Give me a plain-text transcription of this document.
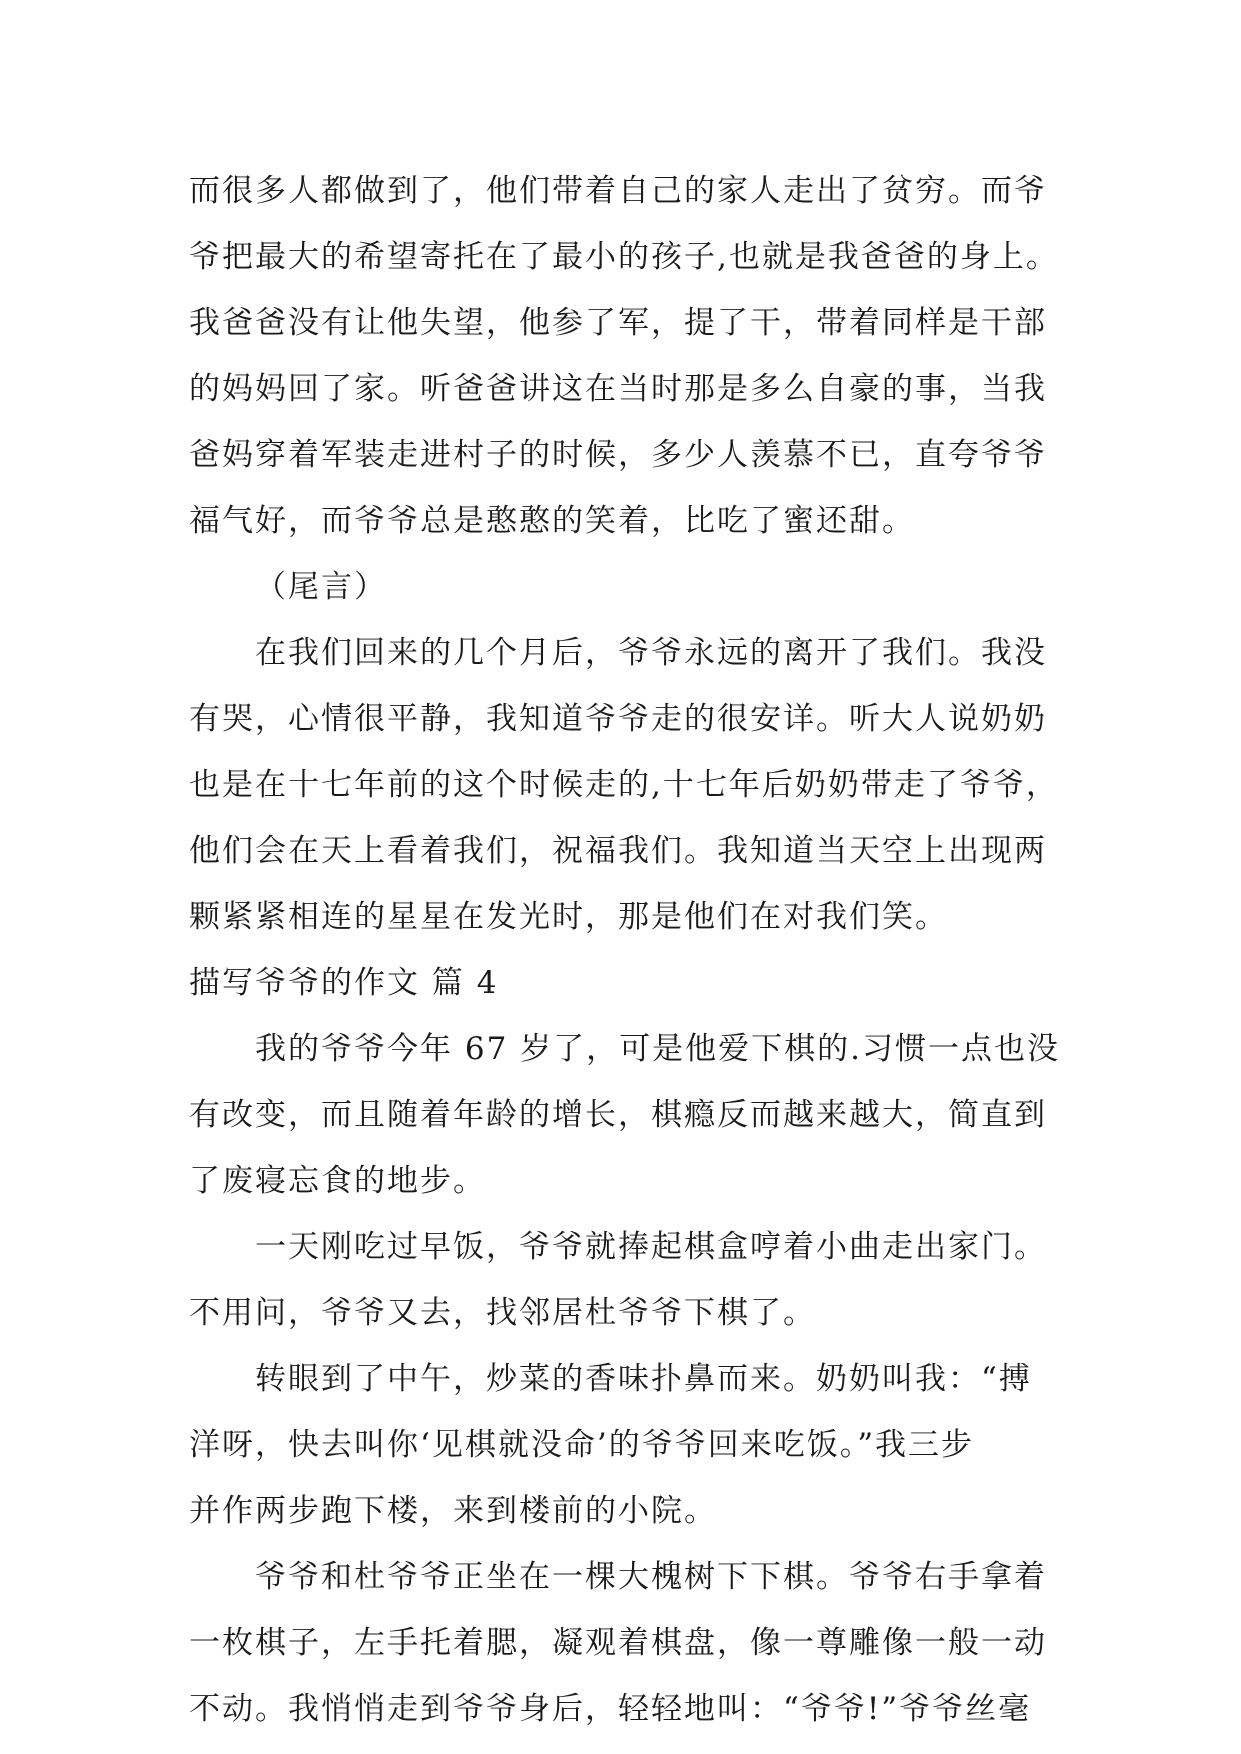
而很多人都做到了，他们带着自己的家人走出了贫穷。而爷
爷把最大的希望寄托在了最小的孩子,也就是我爸爸的身上。
我爸爸没有让他失望，他参了军，提了干，带着同样是干部
的妈妈回了家。听爸爸讲这在当时那是多么自豪的事，当我
爸妈穿着军装走进村子的时候，多少人羡慕不已，直夸爷爷
福气好，而爷爷总是憨憨的笑着，比吃了蜜还甜。
（尾言）
在我们回来的几个月后，爷爷永远的离开了我们。我没
有哭，心情很平静，我知道爷爷走的很安详。听大人说奶奶
也是在十七年前的这个时候走的,十七年后奶奶带走了爷爷，
他们会在天上看着我们，祝福我们。我知道当天空上出现两
颗紧紧相连的星星在发光时，那是他们在对我们笑。
描写爷爷的作文 篇 4
我的爷爷今年 67 岁了，可是他爱下棋的.习惯一点也没
有改变，而且随着年龄的增长，棋瘾反而越来越大，简直到
了废寝忘食的地步。
一天刚吃过早饭，爷爷就捧起棋盒哼着小曲走出家门。
不用问，爷爷又去，找邻居杜爷爷下棋了。
转眼到了中午，炒菜的香味扑鼻而来。奶奶叫我：“搏
洋呀，快去叫你‘见棋就没命’的爷爷回来吃饭。”我三步
并作两步跑下楼，来到楼前的小院。
爷爷和杜爷爷正坐在一棵大槐树下下棋。爷爷右手拿着
一枚棋子，左手托着腮，凝观着棋盘，像一尊雕像一般一动
不动。我悄悄走到爷爷身后，轻轻地叫：“爷爷!”爷爷丝毫
